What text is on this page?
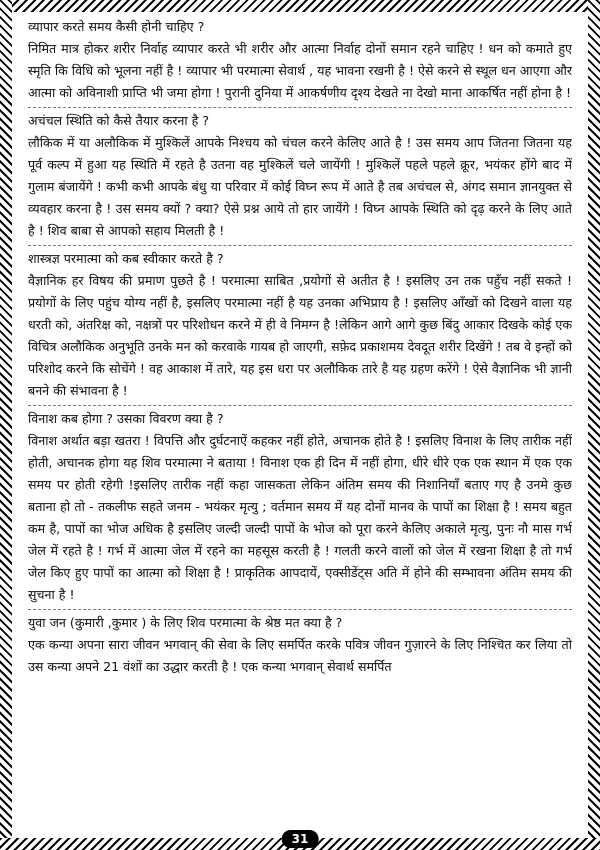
व्यापार करते समय कैसी होनी चाहिए ?

निमित मात्र होकर शरीर निर्वाह व्यापार करते भी शरीर और आत्मा निर्वाह दोनों समान रहने चाहिए ! धन को कमाते हुए स्मृति कि विधि को भूलना नहीं है ! व्यापार भी परमात्मा सेवार्थ , यह भावना रखनी है ! ऐसे करने से स्थूल धन आएगा और आत्मा को अविनाशी प्राप्ति भी जमा होगा ! पुरानी दुनिया में आकर्षणीय दृश्य देखते ना देखो माना आकर्षित नहीं होना है !

अचंचल स्थिति को कैसे तैयार करना है ?

लौकिक में या अलौकिक में मुश्किलें आपके निश्चय को चंचल करने केलिए आते है ! उस समय आप जितना जितना यह पूर्व कल्प में हुआ यह स्थिति में रहते है उतना वह मुश्किलें चले जायेंगी ! मुश्किलें पहले पहले क्रूर, भयंकर होंगे बाद में गुलाम बंजायेंगे ! कभी कभी आपके बंधु या परिवार में कोई विघ्न रूप में आते है तब अचंचल से, अंगद समान ज्ञानयुक्त से व्यवहार करना है ! उस समय क्यों ? क्या? ऐसे प्रश्न आये तो हार जायेंगे ! विघ्न आपके स्थिति को दृढ़ करने के लिए आते है ! शिव बाबा से आपको सहाय मिलती है !

शास्त्रज्ञ परमात्मा को कब स्वीकार करते है ?

वैज्ञानिक हर विषय की प्रमाण पुछते है ! परमात्मा साबित ,प्रयोगों से अतीत है ! इसलिए उन तक पहुँच नहीं सकते ! प्रयोगों के लिए पहुंच योग्य नहीं है, इसलिए परमात्मा नहीं है यह उनका अभिप्राय है ! इसलिए आँखों को दिखने वाला यह धरती को, अंतरिक्ष को, नक्षत्रों पर परिशोधन करने में ही वे निमग्न है !लेकिन आगे आगे कुछ बिंदु आकार दिखके कोई एक विचित्र अलौकिक अनुभूति उनके मन को करवाके गायब हो जाएगी, सफ़ेद प्रकाशमय देवदूत शरीर दिखेंगे ! तब वे इन्हों को परिशोद करने कि सोचेंगे ! वह आकाश में तारे, यह इस धरा पर अलौकिक तारे है यह ग्रहण करेंगे ! ऐसे वैज्ञानिक भी ज्ञानी बनने की संभावना है !

विनाश कब होगा ? उसका विवरण क्या है ?

विनाश अर्थात बड़ा खतरा ! विपत्ति और दुर्घटनाऐं कहकर नहीं होते, अचानक होते है ! इसलिए विनाश के लिए तारीक नहीं होती, अचानक होगा यह शिव परमात्मा ने बताया ! विनाश एक ही दिन में नहीं होगा, धीरे धीरे एक एक स्थान में एक एक समय पर होती रहेगी !इसलिए तारीक नहीं कहा जासकता लेकिन अंतिम समय की निशानियाँ बताए गए है उनमे कुछ बताना हो तो - तकलीफ सहते जनम - भयंकर मृत्यु ; वर्तमान समय में यह दोनों मानव के पापों का शिक्षा है ! समय बहुत कम है, पापों का भोज अधिक है इसलिए जल्दी जल्दी पापों के भोज को पूरा करने केलिए अकाले मृत्यु, पुनः नौ मास गर्भ जेल में रहते है ! गर्भ में आत्मा जेल में रहने का महसूस करती है ! गलती करने वालों को जेल में रखना शिक्षा है तो गर्भ जेल किए हुए पापों का आत्मा को शिक्षा है ! प्राकृतिक आपदायें, एक्सीडेंट्स अति में होने की सम्भावना अंतिम समय की सुचना है !

युवा जन (कुमारी ,कुमार ) के लिए शिव परमात्मा के श्रेष्ठ मत क्या है ?

एक कन्या अपना सारा जीवन भगवान् की सेवा के लिए समर्पित करके पवित्र जीवन गुज़ारने के लिए निश्चित कर लिया तो उस कन्या अपने 21 वंशों का उद्धार करती है ! एक कन्या भगवान् सेवार्थ समर्पित

31
